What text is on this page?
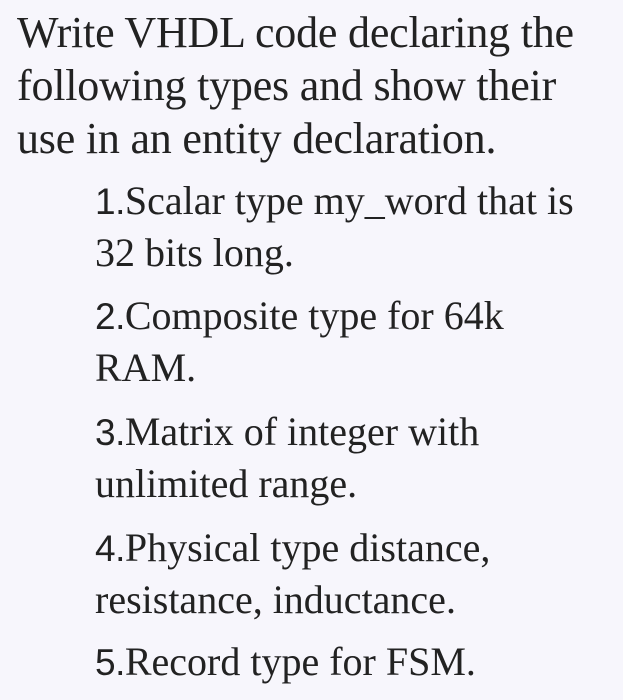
Write VHDL code declaring the
following types and show their
use in an entity declaration.
1.Scalar type my_word that is
32 bits long.
2.Composite type for 64k
RAM.
3.Matrix of integer with
unlimited range.
4.Physical type distance,
resistance, inductance.
5.Record type for FSM.
